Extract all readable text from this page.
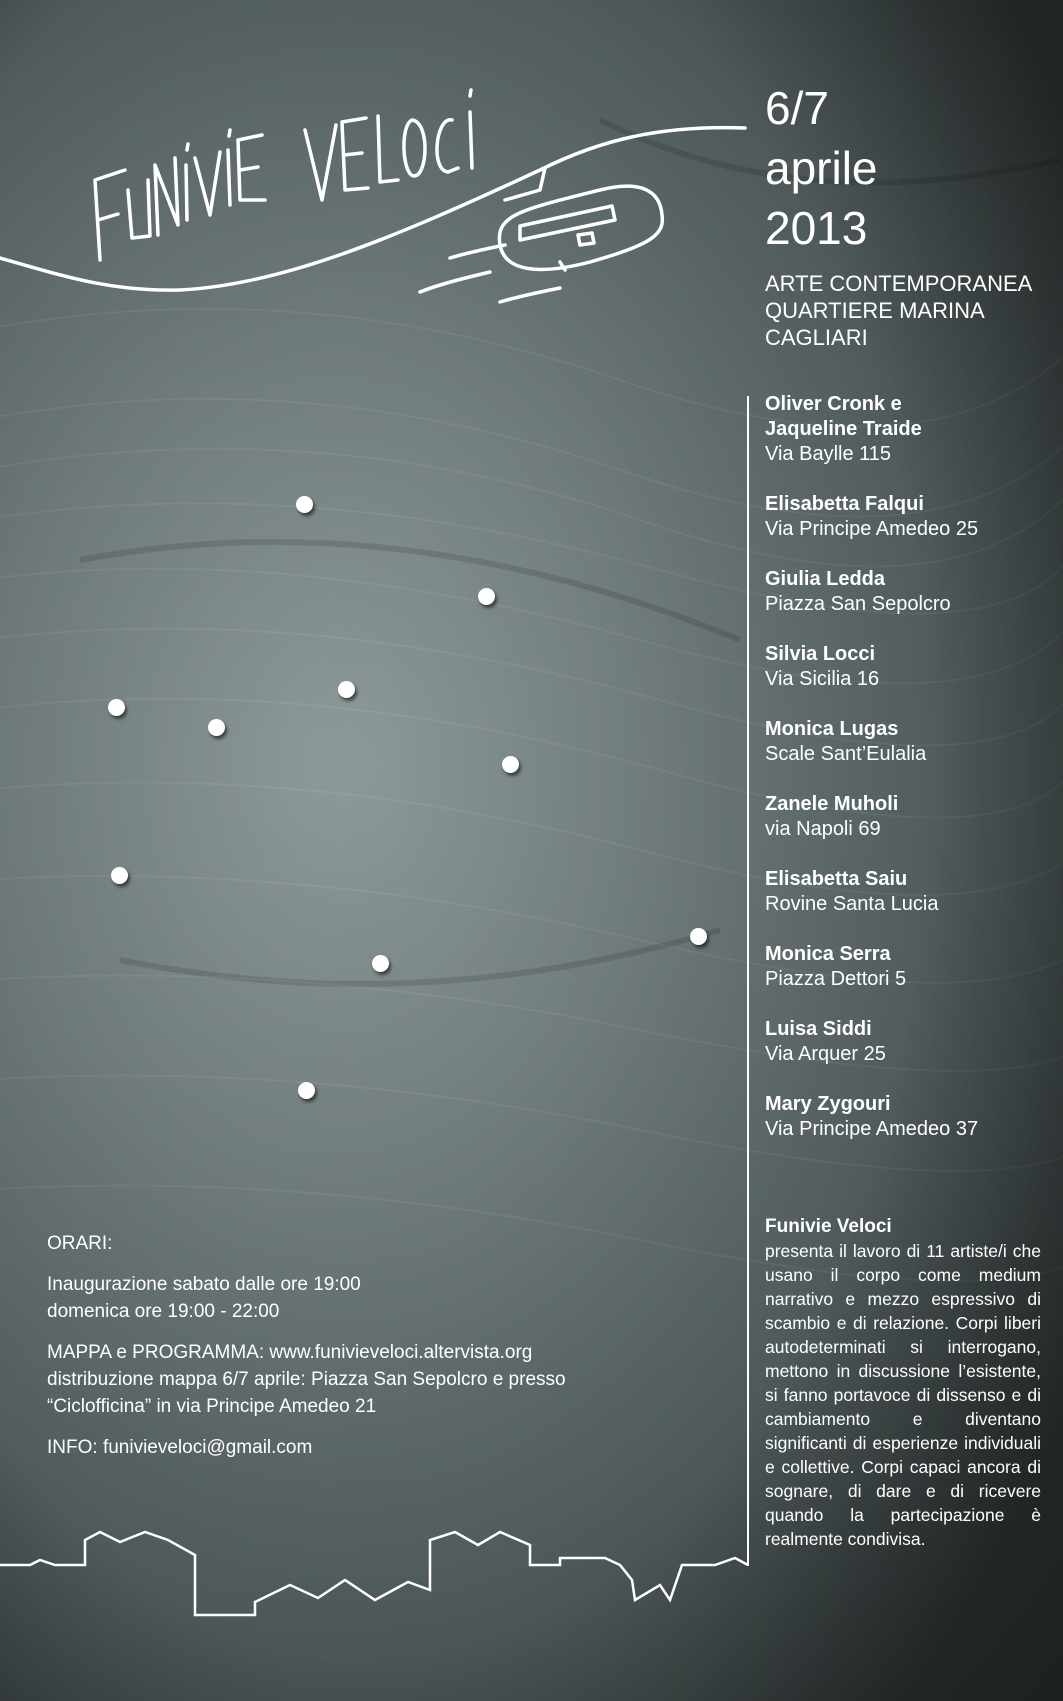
6/7
aprile
2013
ARTE CONTEMPORANEA
QUARTIERE MARINA
CAGLIARI
Oliver Cronk e
Jaqueline Traide
Via Baylle 115
Elisabetta Falqui
Via Principe Amedeo 25
Giulia Ledda
Piazza San Sepolcro
Silvia Locci
Via Sicilia 16
Monica Lugas
Scale Sant’Eulalia
Zanele Muholi
via Napoli 69
Elisabetta Saiu
Rovine Santa Lucia
Monica Serra
Piazza Dettori 5
Luisa Siddi
Via Arquer 25
Mary Zygouri
Via Principe Amedeo 37
Funivie Veloci
presenta il lavoro di 11 artiste/i che usano il corpo come medium narrativo e mezzo espressivo di scambio e di relazione. Corpi liberi autodeterminati si interrogano, mettono in discussione l’esistente, si fanno portavoce di dissenso e di cambiamento e diventano significanti di esperienze individuali e collettive. Corpi capaci ancora di sognare, di dare e di ricevere quando la partecipazione è realmente condivisa.

ORARI:

Inaugurazione sabato dalle ore 19:00
domenica ore 19:00 - 22:00

MAPPA e PROGRAMMA: www.funivieveloci.altervista.org
distribuzione mappa 6/7 aprile: Piazza San Sepolcro e presso
“Ciclofficina” in via Principe Amedeo 21

INFO: funivieveloci@gmail.com
